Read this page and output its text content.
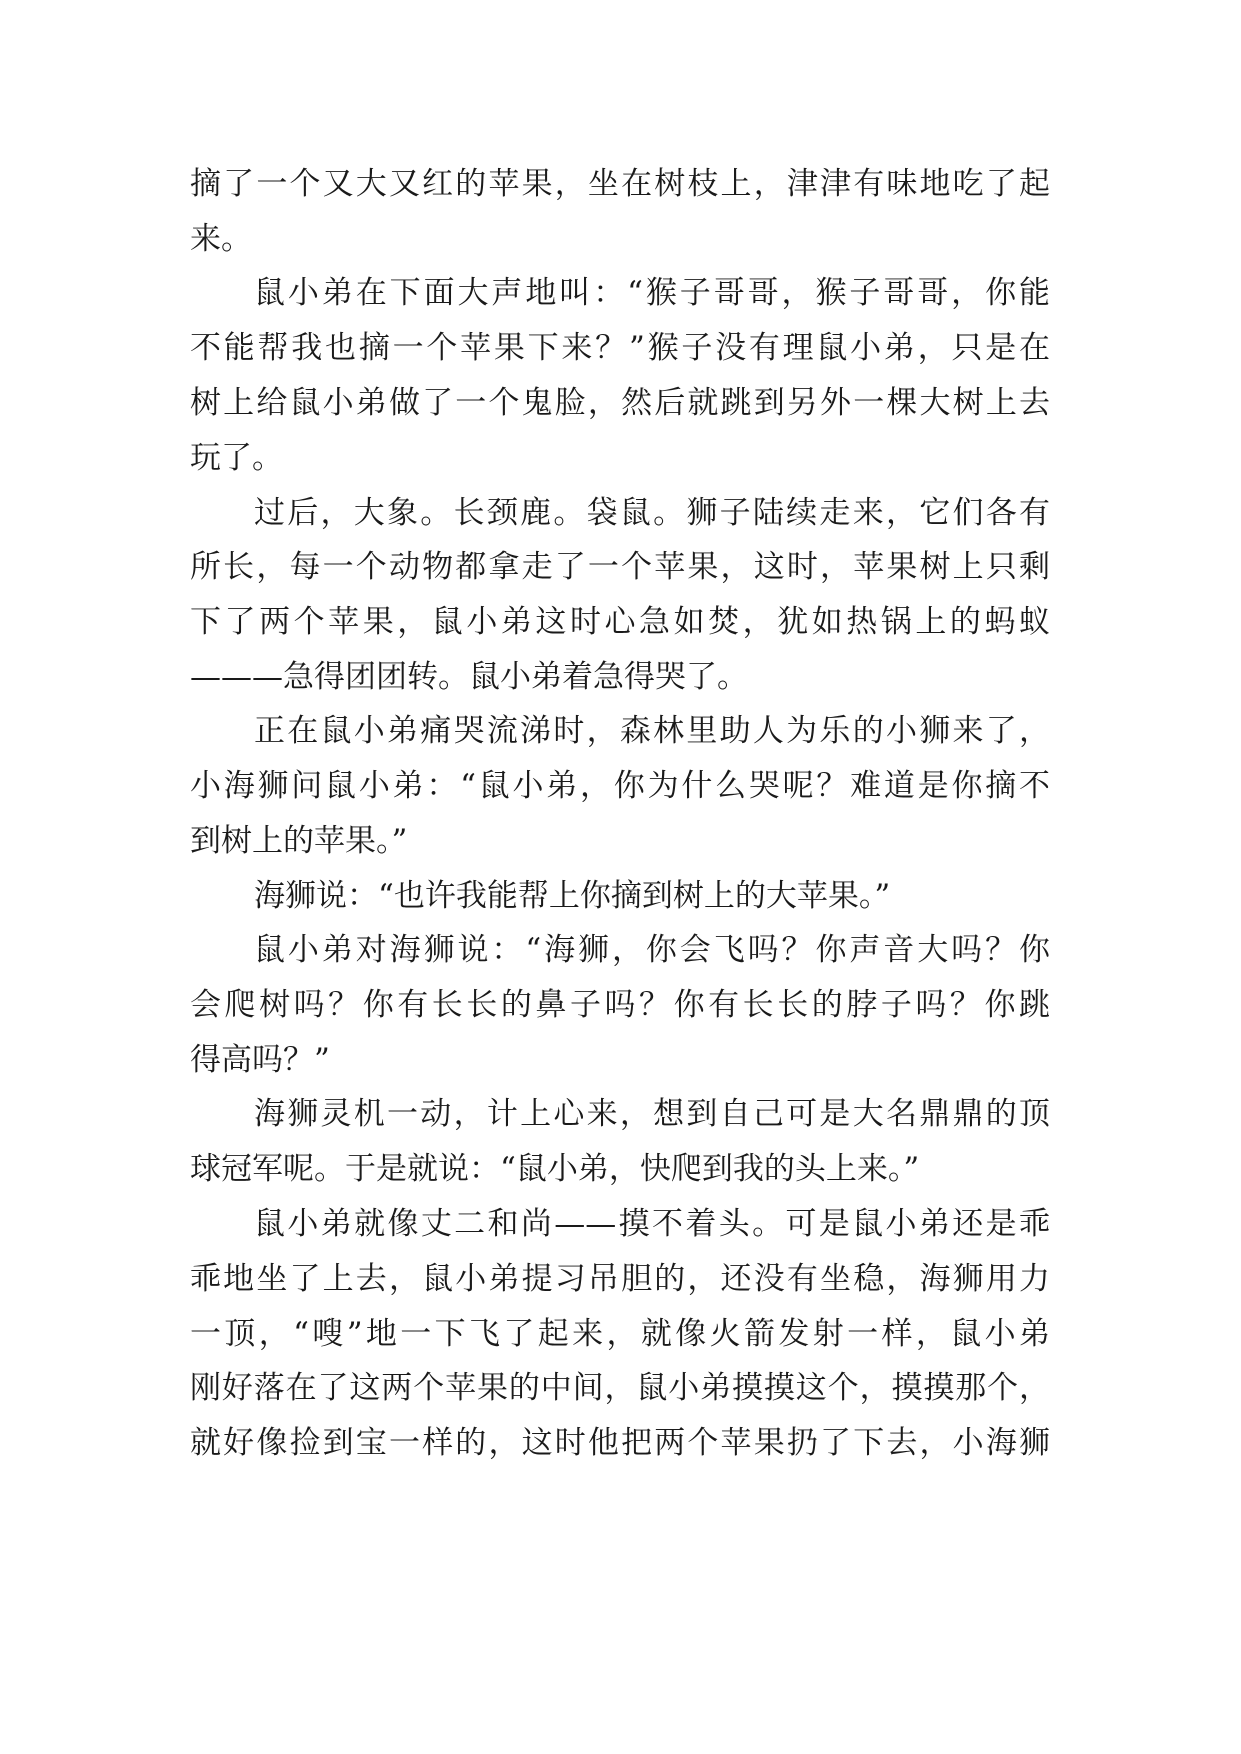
摘了一个又大又红的苹果，坐在树枝上，津津有味地吃了起
来。
鼠小弟在下面大声地叫：“猴子哥哥，猴子哥哥，你能
不能帮我也摘一个苹果下来？”猴子没有理鼠小弟，只是在
树上给鼠小弟做了一个鬼脸，然后就跳到另外一棵大树上去
玩了。
过后，大象。长颈鹿。袋鼠。狮子陆续走来，它们各有
所长，每一个动物都拿走了一个苹果，这时，苹果树上只剩
下了两个苹果，鼠小弟这时心急如焚，犹如热锅上的蚂蚁
———急得团团转。鼠小弟着急得哭了。
正在鼠小弟痛哭流涕时，森林里助人为乐的小狮来了，
小海狮问鼠小弟：“鼠小弟，你为什么哭呢？难道是你摘不
到树上的苹果。”
海狮说：“也许我能帮上你摘到树上的大苹果。”
鼠小弟对海狮说：“海狮，你会飞吗？你声音大吗？你
会爬树吗？你有长长的鼻子吗？你有长长的脖子吗？你跳
得高吗？”
海狮灵机一动，计上心来，想到自己可是大名鼎鼎的顶
球冠军呢。于是就说：“鼠小弟，快爬到我的头上来。”
鼠小弟就像丈二和尚——摸不着头。可是鼠小弟还是乖
乖地坐了上去，鼠小弟提习吊胆的，还没有坐稳，海狮用力
一顶，“嗖”地一下飞了起来，就像火箭发射一样，鼠小弟
刚好落在了这两个苹果的中间，鼠小弟摸摸这个，摸摸那个，
就好像捡到宝一样的，这时他把两个苹果扔了下去，小海狮
